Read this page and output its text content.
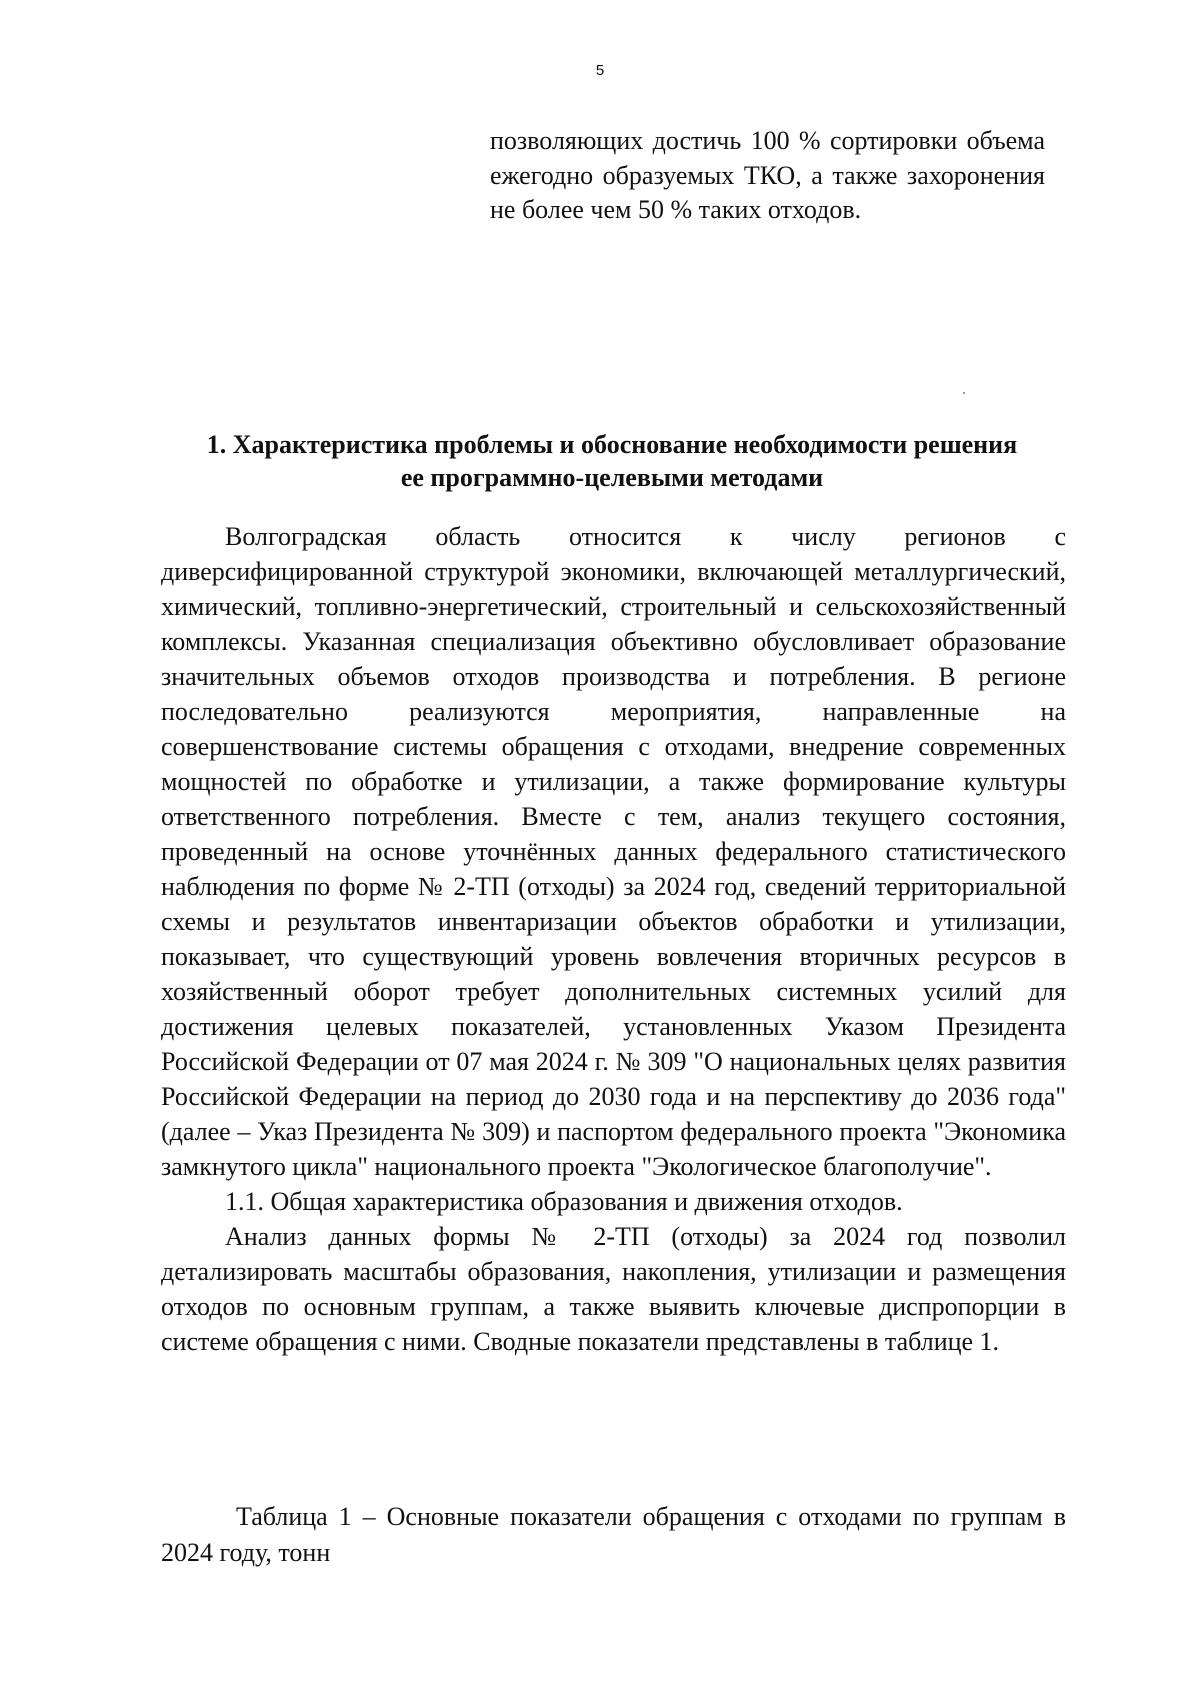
5
позволяющих достичь 100 % сортировки объема ежегодно образуемых ТКО, а также захоронения не более чем 50 % таких отходов.
1. Характеристика проблемы и обоснование необходимости решения
ее программно-целевыми методами

Волгоградская область относится к числу регионов с диверсифицированной структурой экономики, включающей металлургический, химический, топливно-энергетический, строительный и сельскохозяйственный комплексы. Указанная специализация объективно обусловливает образование значительных объемов отходов производства и потребления. В регионе последовательно реализуются мероприятия, направленные на совершенствование системы обращения с отходами, внедрение современных мощностей по обработке и утилизации, а также формирование культуры ответственного потребления. Вместе с тем, анализ текущего состояния, проведенный на основе уточнённых данных федерального статистического наблюдения по форме № 2-ТП (отходы) за 2024 год, сведений территориальной схемы и результатов инвентаризации объектов обработки и утилизации, показывает, что существующий уровень вовлечения вторичных ресурсов в хозяйственный оборот требует дополнительных системных усилий для достижения целевых показателей, установленных Указом Президента Российской Федерации от 07 мая 2024 г. № 309 "О национальных целях развития Российской Федерации на период до 2030 года и на перспективу до 2036 года" (далее – Указ Президента № 309) и паспортом федерального проекта "Экономика замкнутого цикла" национального проекта "Экологическое благополучие".

1.1. Общая характеристика образования и движения отходов.

Анализ данных формы № 2-ТП (отходы) за 2024 год позволил детализировать масштабы образования, накопления, утилизации и размещения отходов по основным группам, а также выявить ключевые диспропорции в системе обращения с ними. Сводные показатели представлены в таблице 1.

Таблица 1 – Основные показатели обращения с отходами по группам в 2024 году, тонн
